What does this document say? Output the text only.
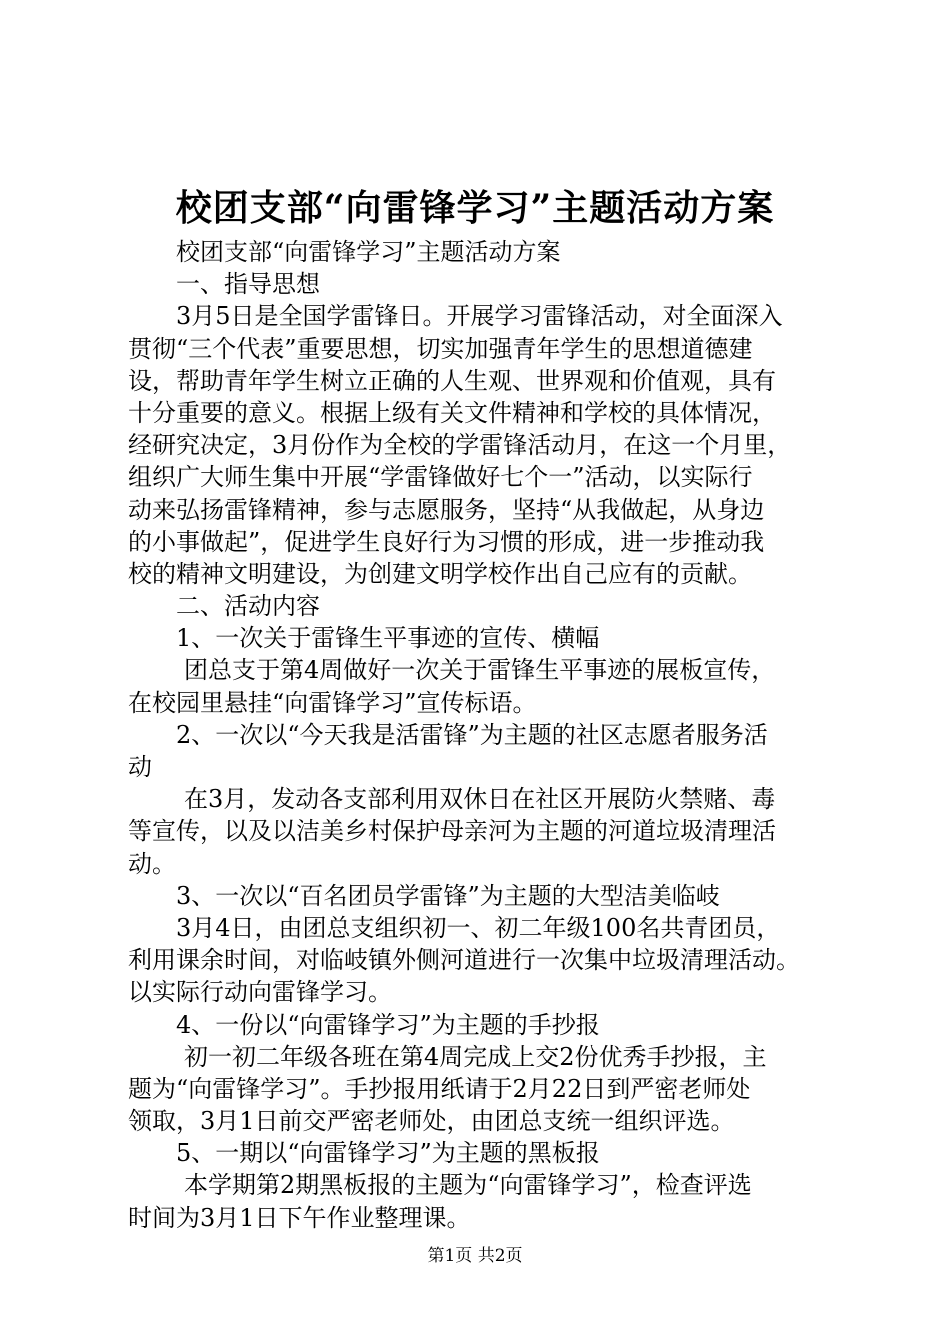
校团支部“向雷锋学习”主题活动方案
校团支部“向雷锋学习”主题活动方案
一、指导思想
3月5日是全国学雷锋日。开展学习雷锋活动，对全面深入
贯彻“三个代表”重要思想，切实加强青年学生的思想道德建
设，帮助青年学生树立正确的人生观、世界观和价值观，具有
十分重要的意义。根据上级有关文件精神和学校的具体情况，
经研究决定，3月份作为全校的学雷锋活动月，在这一个月里，
组织广大师生集中开展“学雷锋做好七个一”活动，以实际行
动来弘扬雷锋精神，参与志愿服务，坚持“从我做起，从身边
的小事做起”，促进学生良好行为习惯的形成，进一步推动我
校的精神文明建设，为创建文明学校作出自己应有的贡献。
二、活动内容
1、一次关于雷锋生平事迹的宣传、横幅
团总支于第4周做好一次关于雷锋生平事迹的展板宣传，
在校园里悬挂“向雷锋学习”宣传标语。
2、一次以“今天我是活雷锋”为主题的社区志愿者服务活
动
在3月，发动各支部利用双休日在社区开展防火禁赌、毒
等宣传，以及以洁美乡村保护母亲河为主题的河道垃圾清理活
动。
3、一次以“百名团员学雷锋”为主题的大型洁美临岐
3月4日，由团总支组织初一、初二年级100名共青团员，
利用课余时间，对临岐镇外侧河道进行一次集中垃圾清理活动。
以实际行动向雷锋学习。
4、一份以“向雷锋学习”为主题的手抄报
初一初二年级各班在第4周完成上交2份优秀手抄报，主
题为“向雷锋学习”。手抄报用纸请于2月22日到严密老师处
领取，3月1日前交严密老师处，由团总支统一组织评选。
5、一期以“向雷锋学习”为主题的黑板报
本学期第2期黑板报的主题为“向雷锋学习”，检查评选
时间为3月1日下午作业整理课。
第1页 共2页
